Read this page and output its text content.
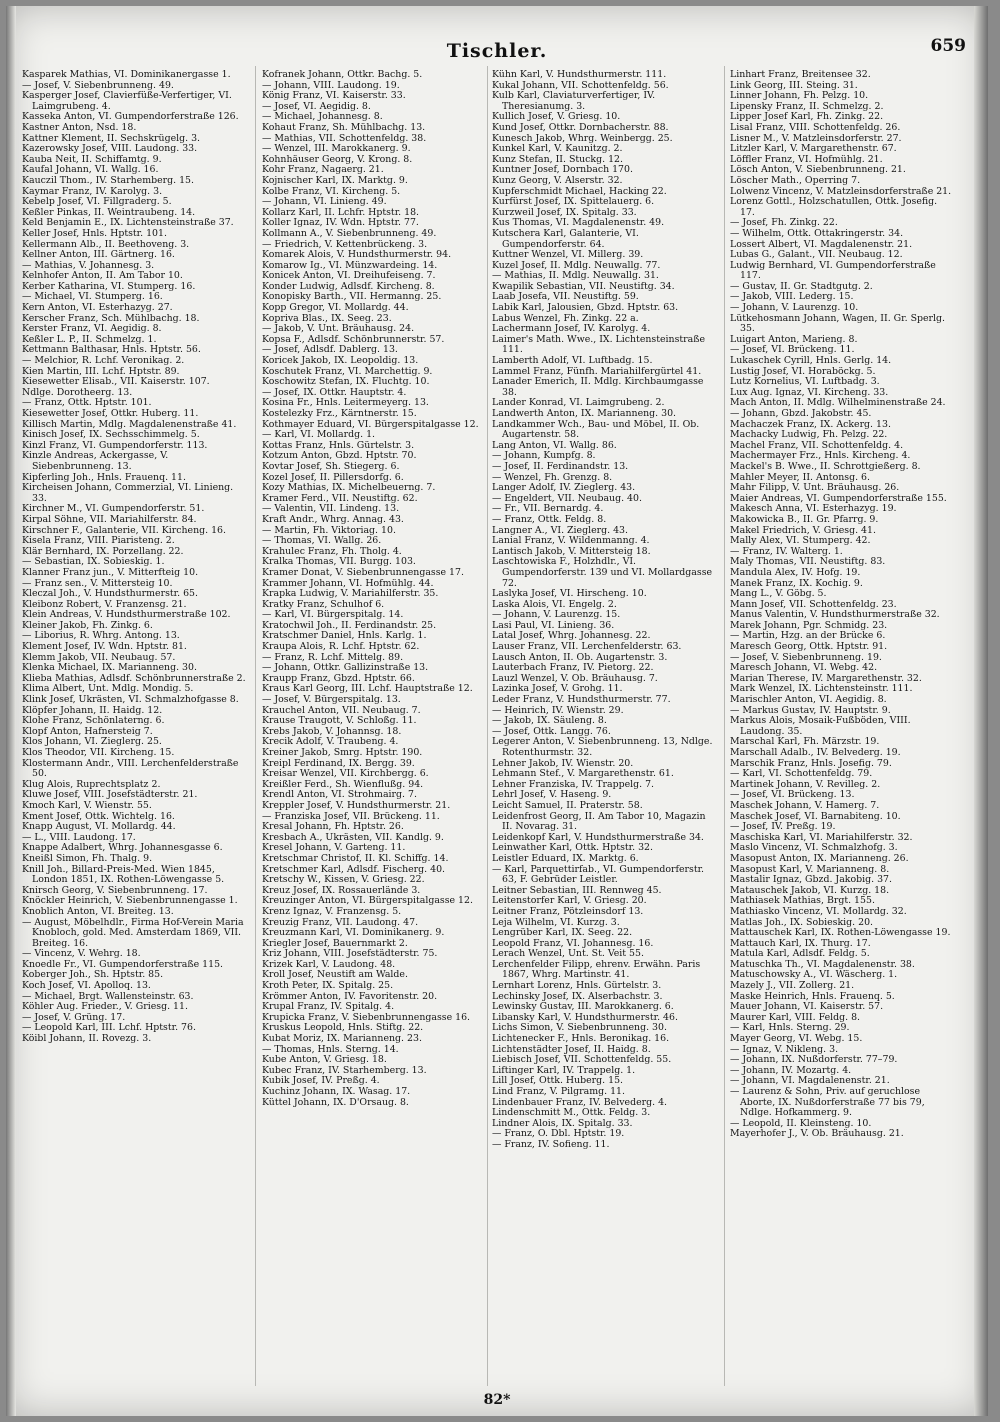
Tischler.	659

Kasparek Mathias, VI. Dominikanergasse 1.

— Josef, V. Siebenbrunneng. 49.

Kasperger Josef, Clavierfüße-Verfertiger, VI. Laimgrubeng. 4.

Kasseka Anton, VI. Gumpendorferstraße 126.

Kastner Anton, Nsd. 18.

Kattner Klement, II. Sechskrügelg. 3.

Kazerowsky Josef, VIII. Laudong. 33.

Kauba Neit, II. Schiffamtg. 9.

Kaufal Johann, VI. Wallg. 16.

Kauczil Thom., IV. Starhemberg. 15.

Kaymar Franz, IV. Karolyg. 3.

Kebelp Josef, VI. Fillgraderg. 5.

Keßler Pinkas, II. Weintraubeng. 14.

Keld Benjamin E., IX. Lichtensteinstraße 37.

Keller Josef, Hnls. Hptstr. 101.

Kellermann Alb., II. Beethoveng. 3.

Kellner Anton, III. Gärtnerg. 16.

— Mathias, V. Johannesg. 3.

Kelnhofer Anton, II. Am Tabor 10.

Kerber Katharina, VI. Stumperg. 16.

— Michael, VI. Stumperg. 16.

Kern Anton, VI. Esterhazyg. 27.

Kerscher Franz, Sch. Mühlbachg. 18.

Kerster Franz, VI. Aegidig. 8.

Keßler L. P., II. Schmelzg. 1.

Kettmann Balthasar, Hnls. Hptstr. 56.

— Melchior, R. Lchf. Veronikag. 2.

Kien Martin, III. Lchf. Hptstr. 89.

Kiesewetter Elisab., VII. Kaiserstr. 107.

Ndlge. Dorotheerg. 13.

— Franz, Ottk. Hptstr. 101.

Kiesewetter Josef, Ottkr. Huberg. 11.

Killisch Martin, Mdlg. Magdalenenstraße 41.

Kinisch Josef, IX. Sechsschimmelg. 5.

Kinzl Franz, VI. Gumpendorferstr. 113.

Kinzle Andreas, Ackergasse, V. Siebenbrunneng. 13.

Kipferling Joh., Hnls. Frauenq. 11.

Kircheisen Johann, Commerzial, VI. Linieng. 33.

Kirchner M., VI. Gumpendorferstr. 51.

Kirpal Söhne, VII. Mariahilferstr. 84.

Kirschner F., Galanterie, VII. Kircheng. 16.

Kisela Franz, VIII. Piaristeng. 2.

Klär Bernhard, IX. Porzellang. 22.

— Sebastian, IX. Sobieskig. 1.

Klanner Franz jun., V. Mitterfteig 10.

— Franz sen., V. Mittersteig 10.

Kleczal Joh., V. Hundsthurmerstr. 65.

Kleibonz Robert, V. Franzensg. 21.

Klein Andreas, V. Hundsthurmerstraße 102.

Kleiner Jakob, Fh. Zinkg. 6.

— Liborius, R. Whrg. Antong. 13.

Klement Josef, IV. Wdn. Hptstr. 81.

Klemm Jakob, VII. Neubaug. 57.

Klenka Michael, IX. Marianneng. 30.

Klieba Mathias, Adlsdf. Schönbrunnerstraße 2.

Klima Albert, Unt. Mdlg. Mondig. 5.

Klink Josef, Ukrästen, VI. Schmalzhofgasse 8.

Klöpfer Johann, II. Haidg. 12.

Klohe Franz, Schönlaterng. 6.

Klopf Anton, Hafnersteig 7.

Klos Johann, VI. Zieglerg. 25.

Klos Theodor, VII. Kircheng. 15.

Klostermann Andr., VIII. Lerchenfelderstraße 50.

Klug Alois, Ruprechtsplatz 2.

Kluwe Josef, VIII. Josefstädterstr. 21.

Kmoch Karl, V. Wienstr. 55.

Kment Josef, Ottk. Wichtelg. 16.

Knapp August, VI. Mollardg. 44.

— L., VIII. Laudong. 17.

Knappe Adalbert, Whrg. Johannesgasse 6.

Kneißl Simon, Fh. Thalg. 9.

Knill Joh., Billard-Preis-Med. Wien 1845, London 1851, IX. Rothen-Löwengasse 5.

Knirsch Georg, V. Siebenbrunneng. 17.

Knöckler Heinrich, V. Siebenbrunnengasse 1.

Knoblich Anton, VI. Breiteg. 13.

— August, Möbelhdlr., Firma Hof-Verein Maria Knobloch, gold. Med. Amsterdam 1869, VII. Breiteg. 16.

— Vincenz, V. Wehrg. 18.

Knoedle Fr., VI. Gumpendorferstraße 115.

Koberger Joh., Sh. Hptstr. 85.

Koch Josef, VI. Apolloq. 13.

— Michael, Brgt. Wallensteinstr. 63.

Köhler Aug. Frieder., V. Griesg. 11.

— Josef, V. Grüng. 17.

— Leopold Karl, III. Lchf. Hptstr. 76.

Köibl Johann, II. Rovezg. 3.

Kofranek Johann, Ottkr. Bachg. 5.

— Johann, VIII. Laudong. 19.

König Franz, VI. Kaiserstr. 33.

— Josef, VI. Aegidig. 8.

— Michael, Johannesg. 8.

Kohaut Franz, Sh. Mühlbachg. 13.

— Mathias, VII. Schottenfeldg. 38.

— Wenzel, III. Marokkanerg. 9.

Kohnhäuser Georg, V. Krong. 8.

Kohr Franz, Nagaerg. 21.

Kojnischer Karl, IX. Marktg. 9.

Kolbe Franz, VI. Kircheng. 5.

— Johann, VI. Linieng. 49.

Kollarz Karl, II. Lchfr. Hptstr. 18.

Koller Ignaz, IV. Wdn. Hptstr. 77.

Kollmann A., V. Siebenbrunneng. 49.

— Friedrich, V. Kettenbrückeng. 3.

Komarek Alois, V. Hundsthurmerstr. 94.

Komarow Ig., VI. Münzwardeing. 14.

Konicek Anton, VI. Dreihufeiseng. 7.

Konder Ludwig, Adlsdf. Kircheng. 8.

Konopisky Barth., VII. Hermanng. 25.

Kopp Gregor, VI. Mollardg. 44.

Kopriva Blas., IX. Seeg. 23.

— Jakob, V. Unt. Bräuhausg. 24.

Kopsa F., Adlsdf. Schönbrunnerstr. 57.

— Josef, Adlsdf. Dablerg. 13.

Koricek Jakob, IX. Leopoldig. 13.

Koschutek Franz, VI. Marchettig. 9.

Koschowitz Stefan, IX. Fluchtg. 10.

— Josef, IX. Ottkr. Hauptstr. 4.

Kosina Fr., Hnls. Leitermeyerg. 13.

Kostelezky Frz., Kärntnerstr. 15.

Kothmayer Eduard, VI. Bürgerspitalgasse 12.

— Karl, VI. Mollardg. 1.

Kottas Franz, Hnls. Gürtelstr. 3.

Kotzum Anton, Gbzd. Hptstr. 70.

Kovtar Josef, Sh. Stiegerg. 6.

Kozel Josef, II. Pillersdorfg. 6.

Kozy Mathias, IX. Michelbeuerng. 7.

Kramer Ferd., VII. Neustiftg. 62.

— Valentin, VII. Lindeng. 13.

Kraft Andr., Whrg. Annag. 43.

— Martin, Fh. Viktoriag. 10.

— Thomas, VI. Wallg. 26.

Krahulec Franz, Fh. Tholg. 4.

Kralka Thomas, VII. Burgg. 103.

Kramer Donat, V. Siebenbrunnengasse 17.

Krammer Johann, VI. Hofmühlg. 44.

Krapka Ludwig, V. Mariahilferstr. 35.

Kratky Franz, Schulhof 6.

— Karl, VI. Bürgerspitalg. 14.

Kratochwil Joh., II. Ferdinandstr. 25.

Kratschmer Daniel, Hnls. Karlg. 1.

Kraupa Alois, R. Lchf. Hptstr. 62.

— Franz, R. Lchf. Mittelg. 89.

— Johann, Ottkr. Gallizinstraße 13.

Kraupp Franz, Gbzd. Hptstr. 66.

Kraus Karl Georg, III. Lchf. Hauptstraße 12.

— Josef, V. Bürgerspitalg. 13.

Krauchel Anton, VII. Neubaug. 7.

Krause Traugott, V. Schloßg. 11.

Krebs Jakob, V. Johannsg. 18.

Krecik Adolf, V. Traubeng. 4.

Kreiner Jakob, Smrg. Hptstr. 190.

Kreipl Ferdinand, IX. Bergg. 39.

Kreisar Wenzel, VII. Kirchbergg. 6.

Kreißler Ferd., Sh. Wienflußg. 94.

Krendl Anton, VI. Strohmairg. 7.

Kreppler Josef, V. Hundsthurmerstr. 21.

— Franziska Josef, VII. Brückeng. 11.

Kresal Johann, Fh. Hptstr. 26.

Kresbach A., Ukrästen, VII. Kandlg. 9.

Kresel Johann, V. Garteng. 11.

Kretschmar Christof, II. Kl. Schiffg. 14.

Kretschmer Karl, Adlsdf. Fischerg. 40.

Kretschy W., Kissen, V. Griesg. 22.

Kreuz Josef, IX. Rossauerlände 3.

Kreuzinger Anton, VI. Bürgerspitalgasse 12.

Krenz Ignaz, V. Franzensg. 5.

Kreuzig Franz, VII. Laudong. 47.

Kreuzmann Karl, VI. Dominikanerg. 9.

Kriegler Josef, Bauernmarkt 2.

Kriz Johann, VIII. Josefstädterstr. 75.

Krizek Karl, V. Laudong. 48.

Kroll Josef, Neustift am Walde.

Kroth Peter, IX. Spitalg. 25.

Krömmer Anton, IV. Favoritenstr. 20.

Krupal Franz, IV. Spitalg. 4.

Krupicka Franz, V. Siebenbrunnengasse 16.

Kruskus Leopold, Hnls. Stiftg. 22.

Kubat Moriz, IX. Marianneng. 23.

— Thomas, Hnls. Sterng. 14.

Kube Anton, V. Griesg. 18.

Kubec Franz, IV. Starhemberg. 13.

Kubik Josef, IV. Preßg. 4.

Kuchinz Johann, IX. Wasag. 17.

Küttel Johann, IX. D'Orsaug. 8.

Kühn Karl, V. Hundsthurmerstr. 111.

Kukal Johann, VII. Schottenfeldg. 56.

Kulb Karl, Claviaturverfertiger, IV. Theresianumg. 3.

Kullich Josef, V. Griesg. 10.

Kund Josef, Ottkr. Dornbacherstr. 88.

Kunesch Jakob, Whrg. Weinbergg. 25.

Kunkel Karl, V. Kaunitzg. 2.

Kunz Stefan, II. Stuckg. 12.

Kuntner Josef, Dornbach 170.

Kunz Georg, V. Alserstr. 32.

Kupferschmidt Michael, Hacking 22.

Kurfürst Josef, IX. Spittelauerg. 6.

Kurzweil Josef, IX. Spitalg. 33.

Kus Thomas, VI. Magdalenenstr. 49.

Kutschera Karl, Galanterie, VI. Gumpendorferstr. 64.

Kuttner Wenzel, VI. Millerg. 39.

Kuzel Josef, II. Mdlg. Neuwallg. 77.

— Mathias, II. Mdlg. Neuwallg. 31.

Kwapilik Sebastian, VII. Neustiftg. 34.

Laab Josefa, VII. Neustiftg. 59.

Labik Karl, Jalousien, Gbzd. Hptstr. 63.

Labus Wenzel, Fh. Zinkg. 22 a.

Lachermann Josef, IV. Karolyg. 4.

Laimer's Math. Wwe., IX. Lichtensteinstraße 111.

Lamberth Adolf, VI. Luftbadg. 15.

Lammel Franz, Fünfh. Mariahilfergürtel 41.

Lanader Emerich, II. Mdlg. Kirchbaumgasse 38.

Lander Konrad, VI. Laimgrubeng. 2.

Landwerth Anton, IX. Marianneng. 30.

Landkammer Wch., Bau- und Möbel, II. Ob. Augartenstr. 58.

Lang Anton, VI. Wallg. 86.

— Johann, Kumpfg. 8.

— Josef, II. Ferdinandstr. 13.

— Wenzel, Fh. Grenzg. 8.

Langer Adolf, IV. Zieglerg. 43.

— Engeldert, VII. Neubaug. 40.

— Fr., VII. Bernardg. 4.

— Franz, Ottk. Feldg. 8.

Langner A., VI. Zieglerg. 43.

Lanial Franz, V. Wildenmanng. 4.

Lantisch Jakob, V. Mittersteig 18.

Laschtowiska F., Holzhdlr., VI. Gumpendorferstr. 139 und VI. Mollardgasse 72.

Laslyka Josef, VI. Hirscheng. 10.

Laska Alois, VI. Engelg. 2.

— Johann, V. Laurenzg. 15.

Lasi Paul, VI. Linieng. 36.

Latal Josef, Whrg. Johannesg. 22.

Lauser Franz, VII. Lerchenfelderstr. 63.

Lausch Anton, II. Ob. Augartenstr. 3.

Lauterbach Franz, IV. Pietorg. 22.

Lauzl Wenzel, V. Ob. Bräuhausg. 7.

Lazinka Josef, V. Grohg. 11.

Leder Franz, V. Hundsthurmerstr. 77.

— Heinrich, IV. Wienstr. 29.

— Jakob, IX. Säuleng. 8.

— Josef, Ottk. Langg. 76.

Legerer Anton, V. Siebenbrunneng. 13, Ndlge. Rotenthurmstr. 32.

Lehner Jakob, IV. Wienstr. 20.

Lehmann Stef., V. Margarethenstr. 61.

Lehner Franziska, IV. Trappelg. 7.

Lehrl Josef, V. Haseng. 9.

Leicht Samuel, II. Praterstr. 58.

Leidenfrost Georg, II. Am Tabor 10, Magazin II. Novarag. 31.

Leidenkopf Karl, V. Hundsthurmerstraße 34.

Leinwather Karl, Ottk. Hptstr. 32.

Leistler Eduard, IX. Marktg. 6.

— Karl, Parquettirfab., VI. Gumpendorferstr. 63, F. Gebrüder Leistler.

Leitner Sebastian, III. Rennweg 45.

Leitenstorfer Karl, V. Griesg. 20.

Leitner Franz, Pötzleinsdorf 13.

Leja Wilhelm, VI. Kurzg. 3.

Lengrüber Karl, IX. Seeg. 22.

Leopold Franz, VI. Johannesg. 16.

Lerach Wenzel, Unt. St. Veit 55.

Lerchenfelder Filipp, ehrenv. Erwähn. Paris 1867, Whrg. Martinstr. 41.

Lernhart Lorenz, Hnls. Gürtelstr. 3.

Lechinsky Josef, IX. Alserbachstr. 3.

Lewinsky Gustav, III. Marokkanerg. 6.

Libansky Karl, V. Hundsthurmerstr. 46.

Lichs Simon, V. Siebenbrunneng. 30.

Lichtenecker F., Hnls. Beronikag. 16.

Lichtenstädter Josef, II. Haidg. 8.

Liebisch Josef, VII. Schottenfeldg. 55.

Liftinger Karl, IV. Trappelg. 1.

Lill Josef, Ottk. Huberg. 15.

Lind Franz, V. Pilgramg. 11.

Lindenbauer Franz, IV. Belvederg. 4.

Lindenschmitt M., Ottk. Feldg. 3.

Lindner Alois, IX. Spitalg. 33.

— Franz, O. Dbl. Hptstr. 19.

— Franz, IV. Sofieng. 11.

Linhart Franz, Breitensee 32.

Link Georg, III. Steing. 31.

Linner Johann, Fh. Pelzg. 10.

Lipensky Franz, II. Schmelzg. 2.

Lipper Josef Karl, Fh. Zinkg. 22.

Lisal Franz, VIII. Schottenfeldg. 26.

Lisner M., V. Matzleinsdorferstr. 27.

Litzler Karl, V. Margarethenstr. 67.

Löffler Franz, VI. Hofmühlg. 21.

Lösch Anton, V. Siebenbrunneng. 21.

Löscher Math., Operring 7.

Lolwenz Vincenz, V. Matzleinsdorferstraße 21.

Lorenz Gottl., Holzschatullen, Ottk. Josefig. 17.

— Josef, Fh. Zinkg. 22.

— Wilhelm, Ottk. Ottakringerstr. 34.

Lossert Albert, VI. Magdalenenstr. 21.

Lubas G., Galant., VII. Neubaug. 12.

Ludwig Bernhard, VI. Gumpendorferstraße 117.

— Gustav, II. Gr. Stadtgutg. 2.

— Jakob, VIII. Lederg. 15.

— Johann, V. Laurenzg. 10.

Lütkehosmann Johann, Wagen, II. Gr. Sperlg. 35.

Luigart Anton, Marieng. 8.

— Josef, VI. Brückeng. 11.

Lukaschek Cyrill, Hnls. Gerlg. 14.

Lustig Josef, VI. Horaböckg. 5.

Lutz Kornelius, VI. Luftbadg. 3.

Lux Aug. Ignaz, VI. Kircheng. 33.

Mach Anton, II. Mdlg. Wilhelminenstraße 24.

— Johann, Gbzd. Jakobstr. 45.

Machaczek Franz, IX. Ackerg. 13.

Machacky Ludwig, Fh. Pelzg. 22.

Machel Franz, VII. Schottenfeldg. 4.

Machermayer Frz., Hnls. Kircheng. 4.

Mackel's B. Wwe., II. Schrottgießerg. 8.

Mahler Meyer, II. Antonsg. 6.

Mahr Filipp, V. Unt. Bräuhausg. 26.

Maier Andreas, VI. Gumpendorferstraße 155.

Makesch Anna, VI. Esterhazyg. 19.

Makowicka B., II. Gr. Pfarrg. 9.

Makel Friedrich, V. Griesg. 41.

Mally Alex, VI. Stumperg. 42.

— Franz, IV. Walterg. 1.

Maly Thomas, VII. Neustiftg. 83.

Mandula Alex, IV. Hofg. 19.

Manek Franz, IX. Kochig. 9.

Mang L., V. Göbg. 5.

Mann Josef, VII. Schottenfeldg. 23.

Manus Valentin, V. Hundsthurmerstraße 32.

Marek Johann, Pgr. Schmidg. 23.

— Martin, Hzg. an der Brücke 6.

Maresch Georg, Ottk. Hptstr. 91.

— Josef, V. Siebenbrunneng. 19.

Maresch Johann, VI. Webg. 42.

Marian Therese, IV. Margarethenstr. 32.

Mark Wenzel, IX. Lichtensteinstr. 111.

Marischler Anton, VI. Aegidig. 8.

— Markus Gustav, IV. Hauptstr. 9.

Markus Alois, Mosaik-Fußböden, VIII. Laudong. 35.

Marschal Karl, Fh. Märzstr. 19.

Marschall Adalb., IV. Belvederg. 19.

Marschik Franz, Hnls. Josefig. 79.

— Karl, VI. Schottenfeldg. 79.

Martinek Johann, V. Revilleg. 2.

— Josef, VI. Brückeng. 13.

Maschek Johann, V. Hamerg. 7.

Maschek Josef, VI. Barnabiteng. 10.

— Josef, IV. Preßg. 19.

Maschiska Karl, VI. Mariahilferstr. 32.

Maslo Vincenz, VI. Schmalzhofg. 3.

Masopust Anton, IX. Marianneng. 26.

Masopust Karl, V. Marianneng. 8.

Mastalir Ignaz, Gbzd. Jakobig. 37.

Matauschek Jakob, VI. Kurzg. 18.

Mathiasek Mathias, Brgt. 155.

Mathiasko Vincenz, VI. Mollardg. 32.

Matlas Joh., IX. Sobieskig. 20.

Mattauschek Karl, IX. Rothen-Löwengasse 19.

Mattauch Karl, IX. Thurg. 17.

Matula Karl, Adlsdf. Feldg. 5.

Matuschka Th., VI. Magdalenenstr. 38.

Matuschowsky A., VI. Wäscherg. 1.

Mazely J., VII. Zollerg. 21.

Maske Heinrich, Hnls. Frauenq. 5.

Mauer Johann, VI. Kaiserstr. 57.

Maurer Karl, VIII. Feldg. 8.

— Karl, Hnls. Sterng. 29.

Mayer Georg, VI. Webg. 15.

— Ignaz, V. Nikleng. 3.

— Johann, IX. Nußdorferstr. 77–79.

— Johann, IV. Mozartg. 4.

— Johann, VI. Magdalenenstr. 21.

— Laurenz & Sohn, Priv. auf geruchlose Aborte, IX. Nußdorferstraße 77 bis 79, Ndlge. Hofkammerg. 9.

— Leopold, II. Kleinsteng. 10.

Mayerhofer J., V. Ob. Bräuhausg. 21.

82*
